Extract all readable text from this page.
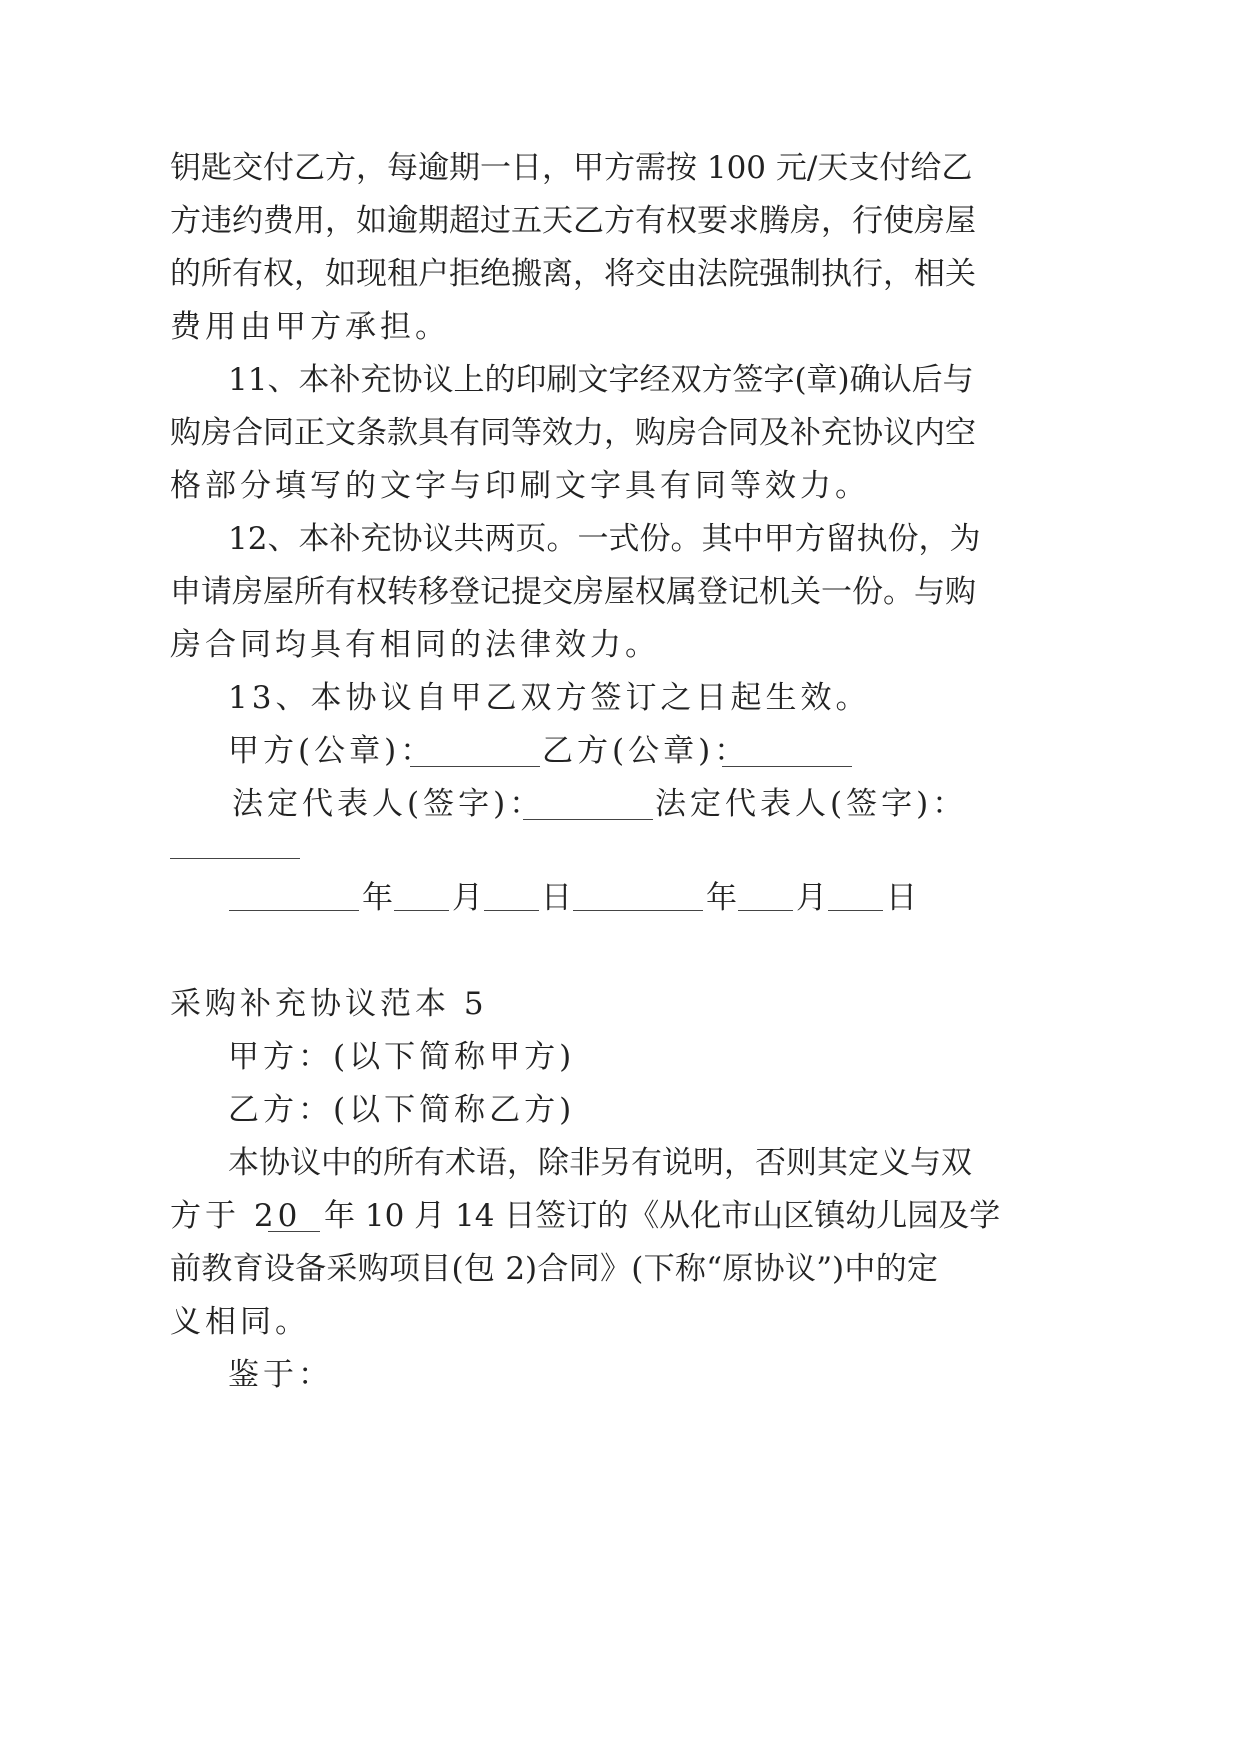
钥匙交付乙方，每逾期一日，甲方需按 100 元/天支付给乙
方违约费用，如逾期超过五天乙方有权要求腾房，行使房屋
的所有权，如现租户拒绝搬离，将交由法院强制执行，相关
费用由甲方承担。
11、本补充协议上的印刷文字经双方签字(章)确认后与
购房合同正文条款具有同等效力，购房合同及补充协议内空
格部分填写的文字与印刷文字具有同等效力。
12、本补充协议共两页。一式份。其中甲方留执份，为
申请房屋所有权转移登记提交房屋权属登记机关一份。与购
房合同均具有相同的法律效力。
13、本协议自甲乙双方签订之日起生效。
甲方(公章)：	乙方(公章)：
法定代表人(签字)：	法定代表人(签字)：
年 月 日	年 月 日
采购补充协议范本 5
甲方：(以下简称甲方)
乙方：(以下简称乙方)
本协议中的所有术语，除非另有说明，否则其定义与双
方于 20 年 10 月 14 日签订的《从化市山区镇幼儿园及学
前教育设备采购项目(包 2)合同》(下称“原协议”)中的定
义相同。
鉴于：
